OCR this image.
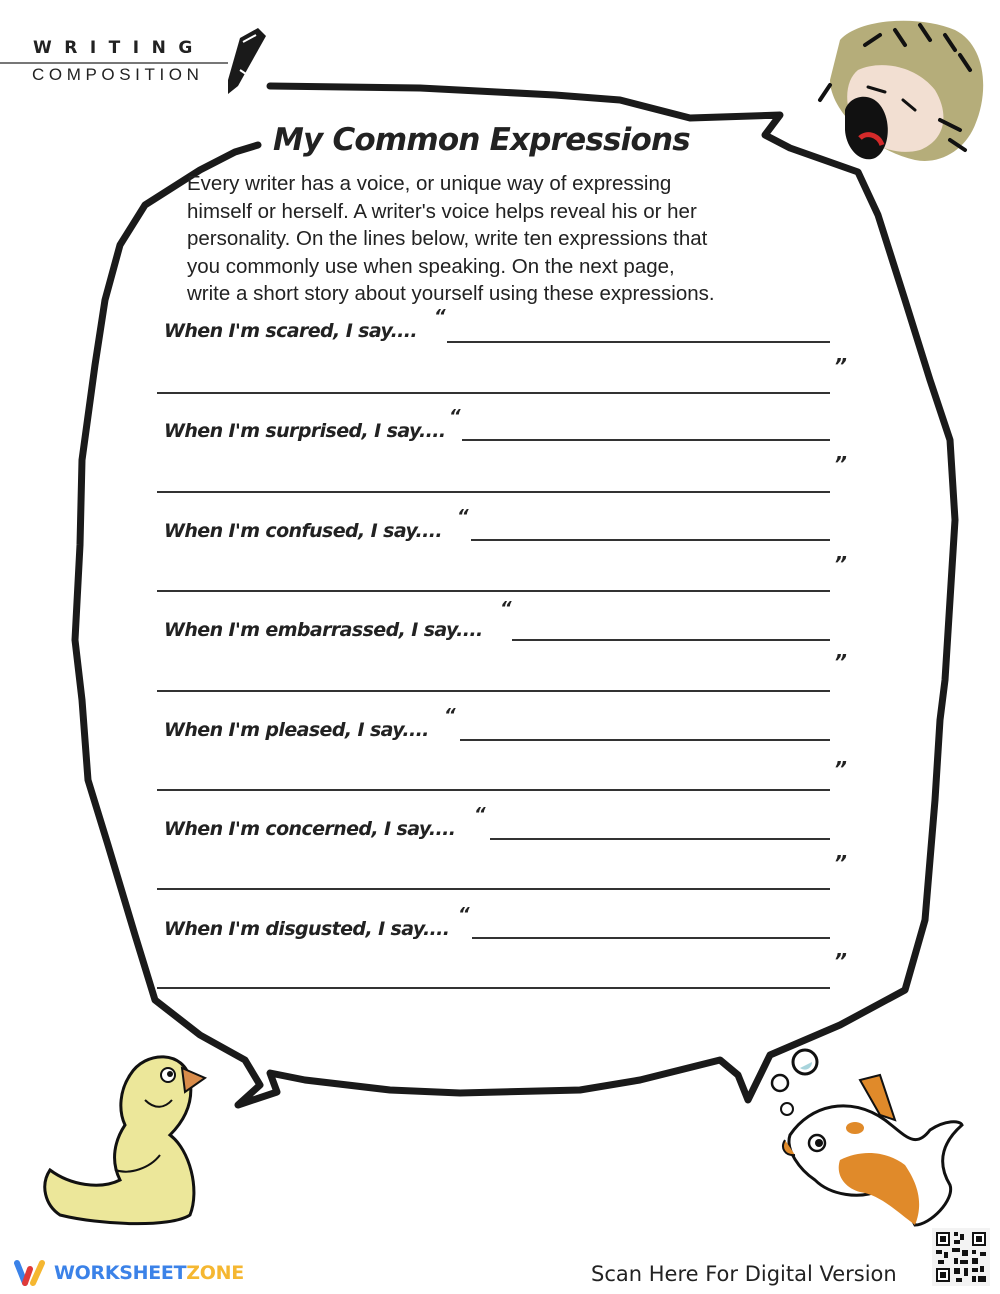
WRITING
COMPOSITION
My Common Expressions
Every writer has a voice, or unique way of expressing
himself or herself. A writer's voice helps reveal his or her
personality. On the lines below, write ten expressions that
you commonly use when speaking. On the next page,
write a short story about yourself using these expressions.
When I'm scared, I say....
“
”
When I'm surprised, I say....
“
”
When I'm confused, I say....
“
”
When I'm embarrassed, I say....
“
”
When I'm pleased, I say....
“
”
When I'm concerned, I say....
“
”
When I'm disgusted, I say....
“
”
WORKSHEETZONE	Scan Here For Digital Version
